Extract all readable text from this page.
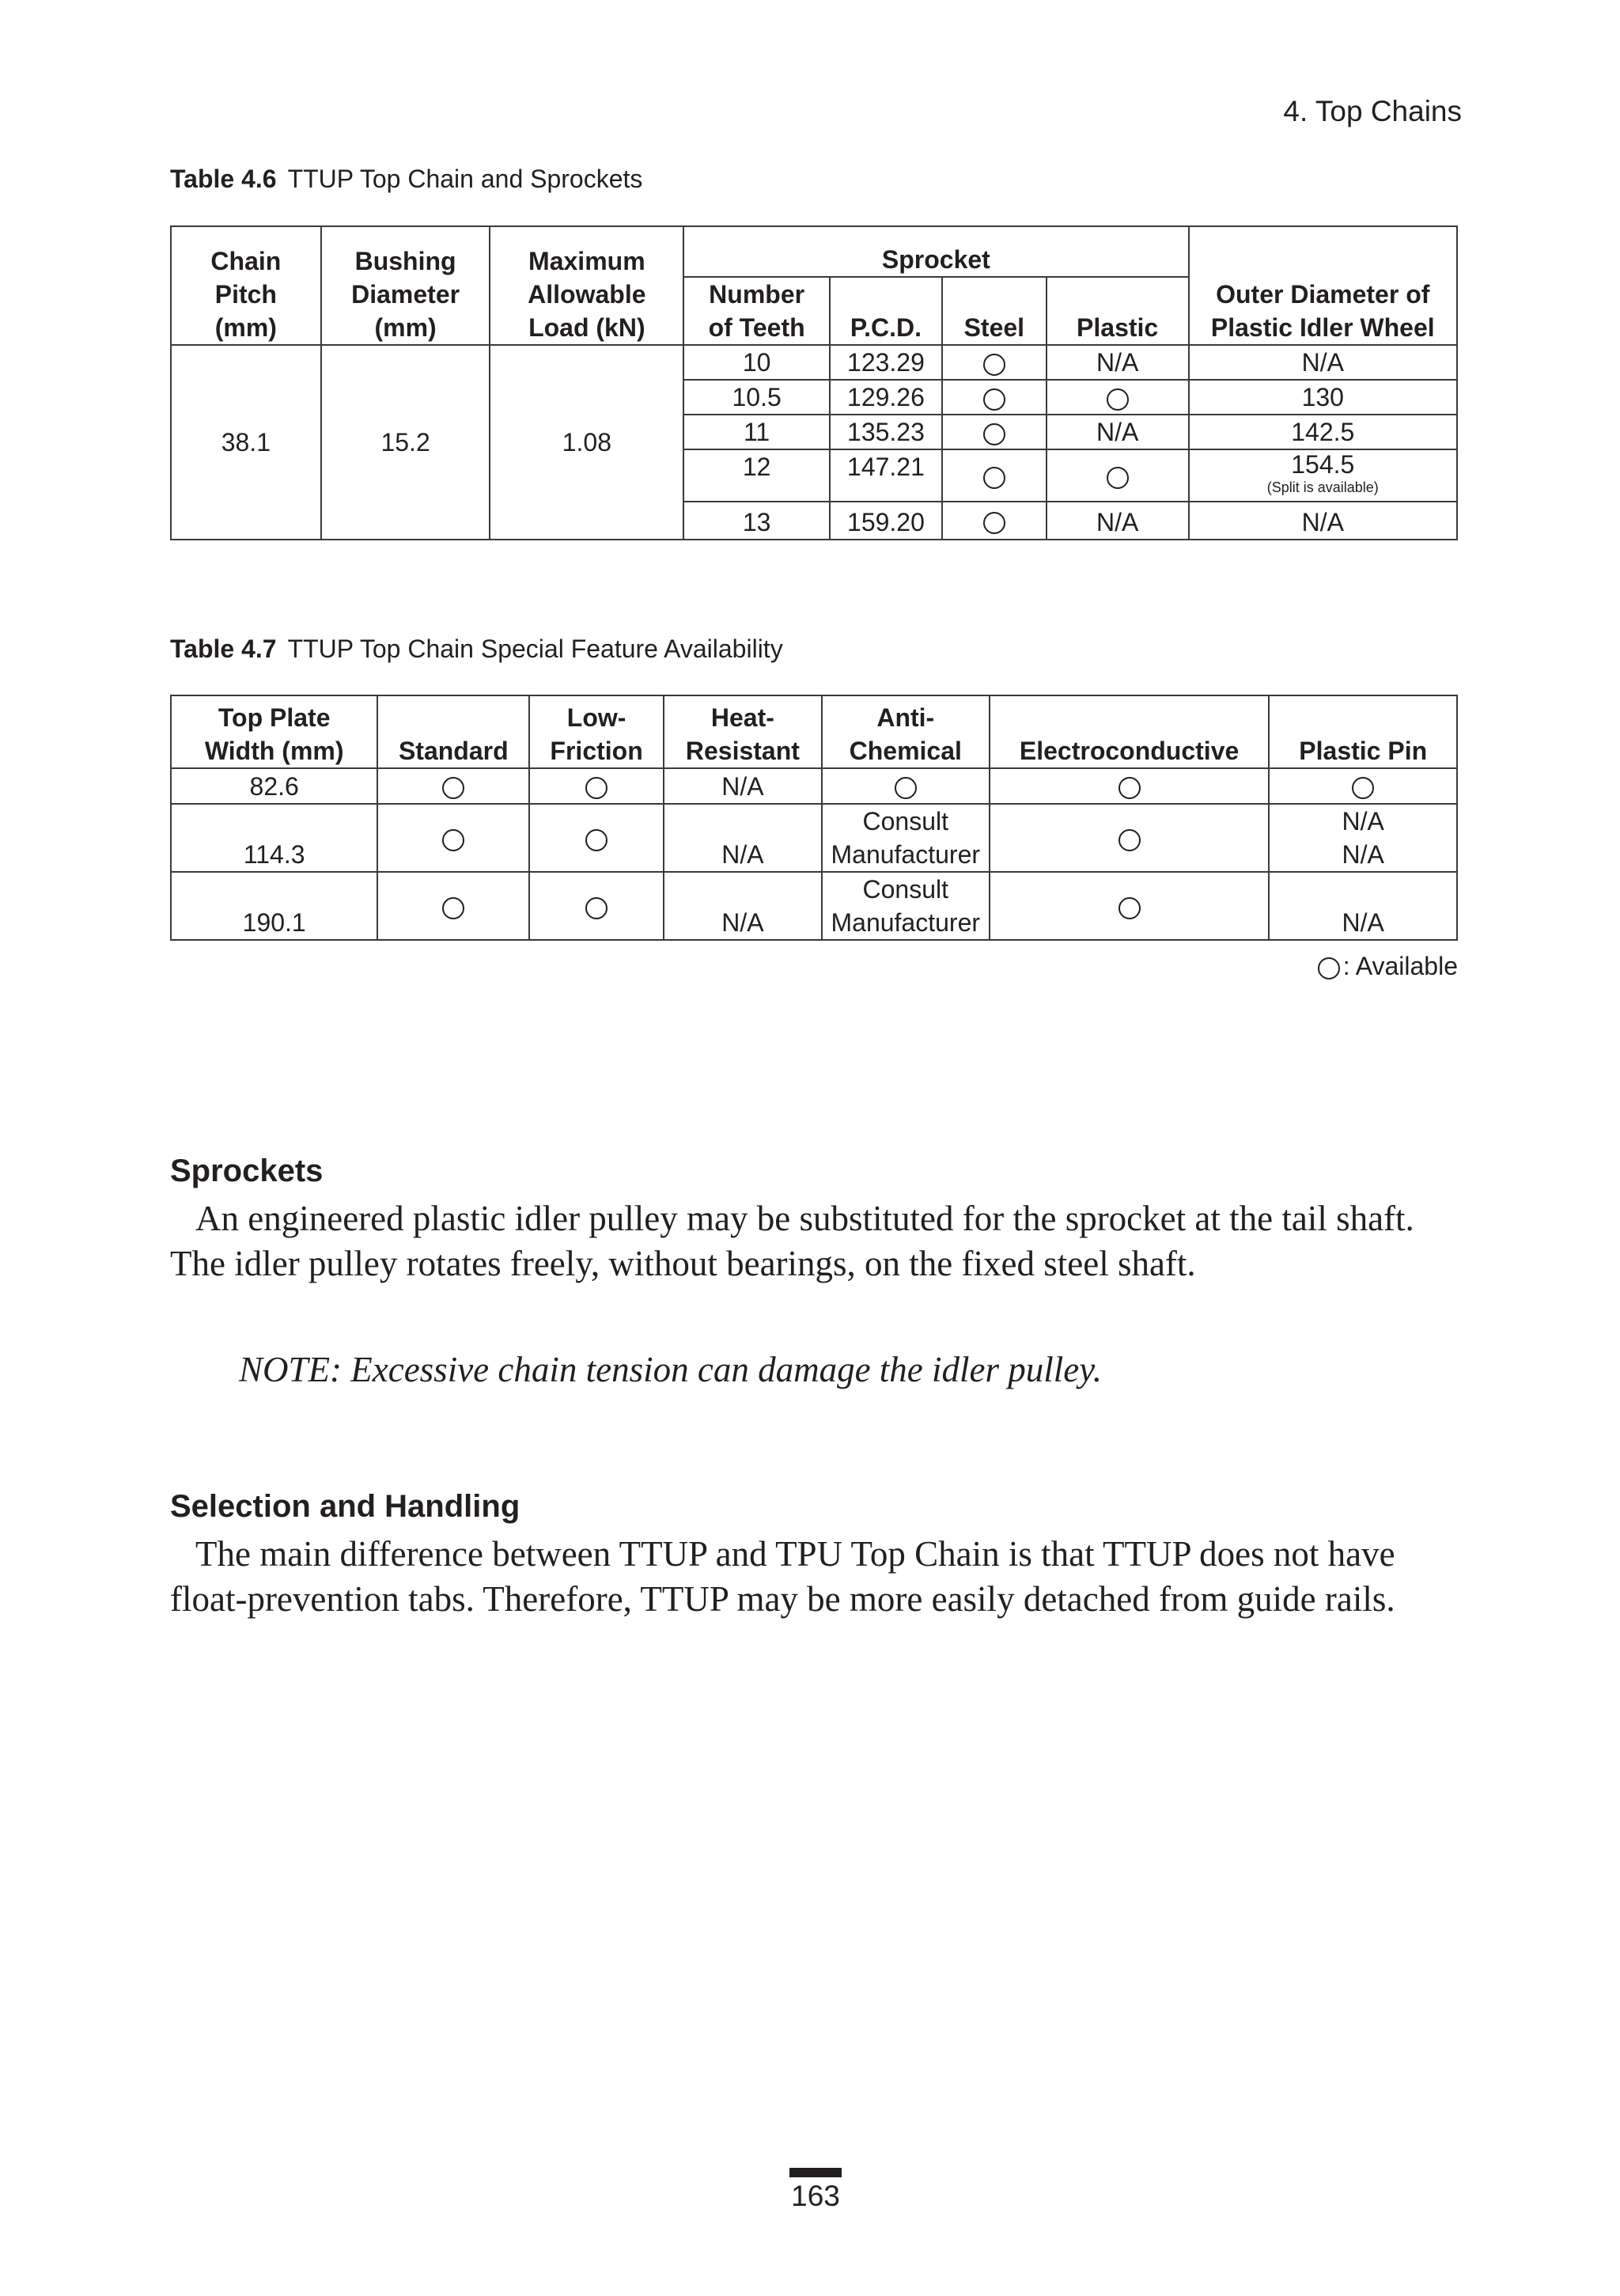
4. Top Chains
Table 4.6 TTUP Top Chain and Sprockets
Chain
Pitch
(mm)	Bushing
Diameter
(mm)	Maximum
Allowable
Load (kN)	Sprocket				Outer Diameter of
Plastic Idler Wheel
			Number
of Teeth	P.C.D.	Steel	Plastic	
38.1	15.2	1.08	10	123.29		N/A	N/A
			10.5	129.26			130
			11	135.23		N/A	142.5
			12	147.21			154.5
(Split is available)

			13	159.20		N/A	N/A
Table 4.7 TTUP Top Chain Special Feature Availability
Top Plate
Width (mm)	Standard	Low-
Friction	Heat-
Resistant	Anti-
Chemical	Electroconductive	Plastic Pin
82.6			N/A			
114.3			N/A	Consult
Manufacturer		N/A
N/A
190.1			N/A	Consult
Manufacturer		N/A
: Available
Sprockets
An engineered plastic idler pulley may be substituted for the sprocket at the tail shaft. The idler pulley rotates freely, without bearings, on the fixed steel shaft.
NOTE: Excessive chain tension can damage the idler pulley.
Selection and Handling
The main difference between TTUP and TPU Top Chain is that TTUP does not have float-prevention tabs. Therefore, TTUP may be more easily detached from guide rails.
163
